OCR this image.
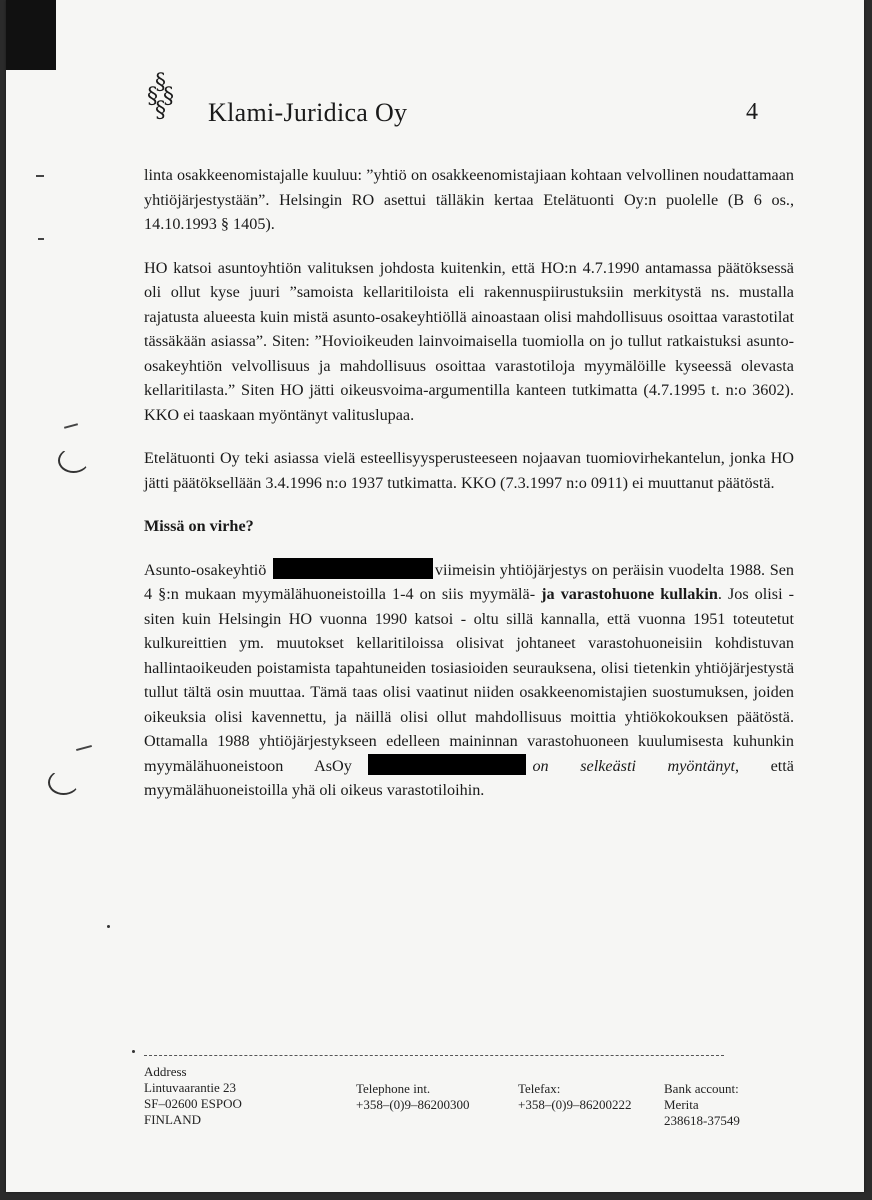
§
§ §
§ Klami-Juridica Oy	4

linta osakkeenomistajalle kuuluu: ”yhtiö on osakkeenomistajiaan kohtaan velvollinen noudattamaan yhtiöjärjestystään”. Helsingin RO asettui tälläkin kertaa Etelätuonti Oy:n puolelle (B 6 os., 14.10.1993 § 1405).

HO katsoi asuntoyhtiön valituksen johdosta kuitenkin, että HO:n 4.7.1990 antamassa päätöksessä oli ollut kyse juuri ”samoista kellaritiloista eli rakennuspiirustuksiin merkitystä ns. mustalla rajatusta alueesta kuin mistä asunto-osakeyhtiöllä ainoastaan olisi mahdollisuus osoittaa varastotilat tässäkään asiassa”. Siten: ”Hovioikeuden lainvoimaisella tuomiolla on jo tullut ratkaistuksi asunto-osakeyhtiön velvollisuus ja mahdollisuus osoittaa varastotiloja myymälöille kyseessä olevasta kellaritilasta.” Siten HO jätti oikeusvoima-argumentilla kanteen tutkimatta (4.7.1995 t. n:o 3602). KKO ei taaskaan myöntänyt valituslupaa.

Etelätuonti Oy teki asiassa vielä esteellisyysperusteeseen nojaavan tuomiovirhekantelun, jonka HO jätti päätöksellään 3.4.1996 n:o 1937 tutkimatta. KKO (7.3.1997 n:o 0911) ei muuttanut päätöstä.

Missä on virhe?

Asunto-osakeyhtiö	viimeisin yhtiöjärjestys on peräisin vuodelta 1988. Sen 4 §:n mukaan myymälähuoneistoilla 1-4 on siis myymälä- ja varastohuone kullakin. Jos olisi - siten kuin Helsingin HO vuonna 1990 katsoi - oltu sillä kannalla, että vuonna 1951 toteutetut kulkureittien ym. muutokset kellaritiloissa olisivat johtaneet varastohuoneisiin kohdistuvan hallintaoikeuden poistamista tapahtuneiden tosiasioiden seurauksena, olisi tietenkin yhtiöjärjestystä tullut tältä osin muuttaa. Tämä taas olisi vaatinut niiden osakkeenomistajien suostumuksen, joiden oikeuksia olisi kavennettu, ja näillä olisi ollut mahdollisuus moittia yhtiökokouksen päätöstä. Ottamalla 1988 yhtiöjärjestykseen edelleen maininnan varastohuoneen kuulumisesta kuhunkin myymälähuoneistoon AsOy	on selkeästi myöntänyt, että myymälähuoneistoilla yhä oli oikeus varastotiloihin.

Address
Lintuvaarantie 23
SF–02600 ESPOO
FINLAND
Telephone int.
+358–(0)9–86200300
Telefax:
+358–(0)9–86200222
Bank account:
Merita
238618-37549
